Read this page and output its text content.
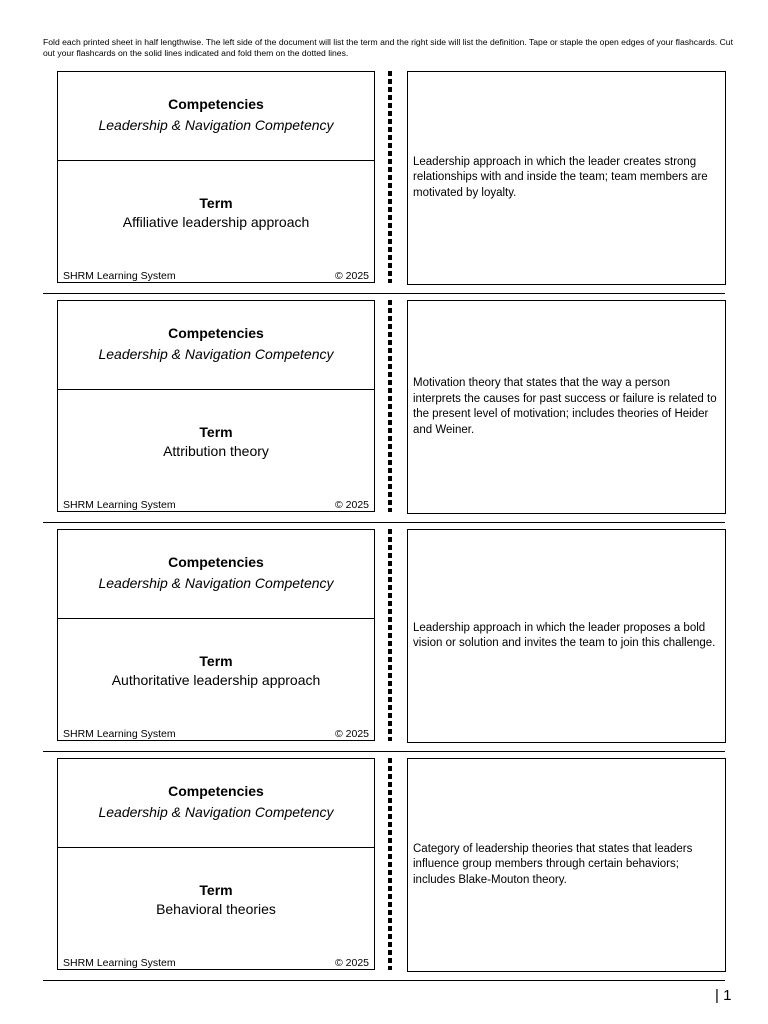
Fold each printed sheet in half lengthwise. The left side of the document will list the term and the right side will list the definition. Tape or staple the open edges of your flashcards. Cut out your flashcards on the solid lines indicated and fold them on the dotted lines.
Competencies
Leadership & Navigation Competency
Term
Affiliative leadership approach
SHRM Learning System	© 2025
Leadership approach in which the leader creates strong relationships with and inside the team; team members are motivated by loyalty.
Competencies
Leadership & Navigation Competency
Term
Attribution theory
SHRM Learning System	© 2025
Motivation theory that states that the way a person interprets the causes for past success or failure is related to the present level of motivation; includes theories of Heider and Weiner.
Competencies
Leadership & Navigation Competency
Term
Authoritative leadership approach
SHRM Learning System	© 2025
Leadership approach in which the leader proposes a bold vision or solution and invites the team to join this challenge.
Competencies
Leadership & Navigation Competency
Term
Behavioral theories
SHRM Learning System	© 2025
Category of leadership theories that states that leaders influence group members through certain behaviors; includes Blake-Mouton theory.
| 1
